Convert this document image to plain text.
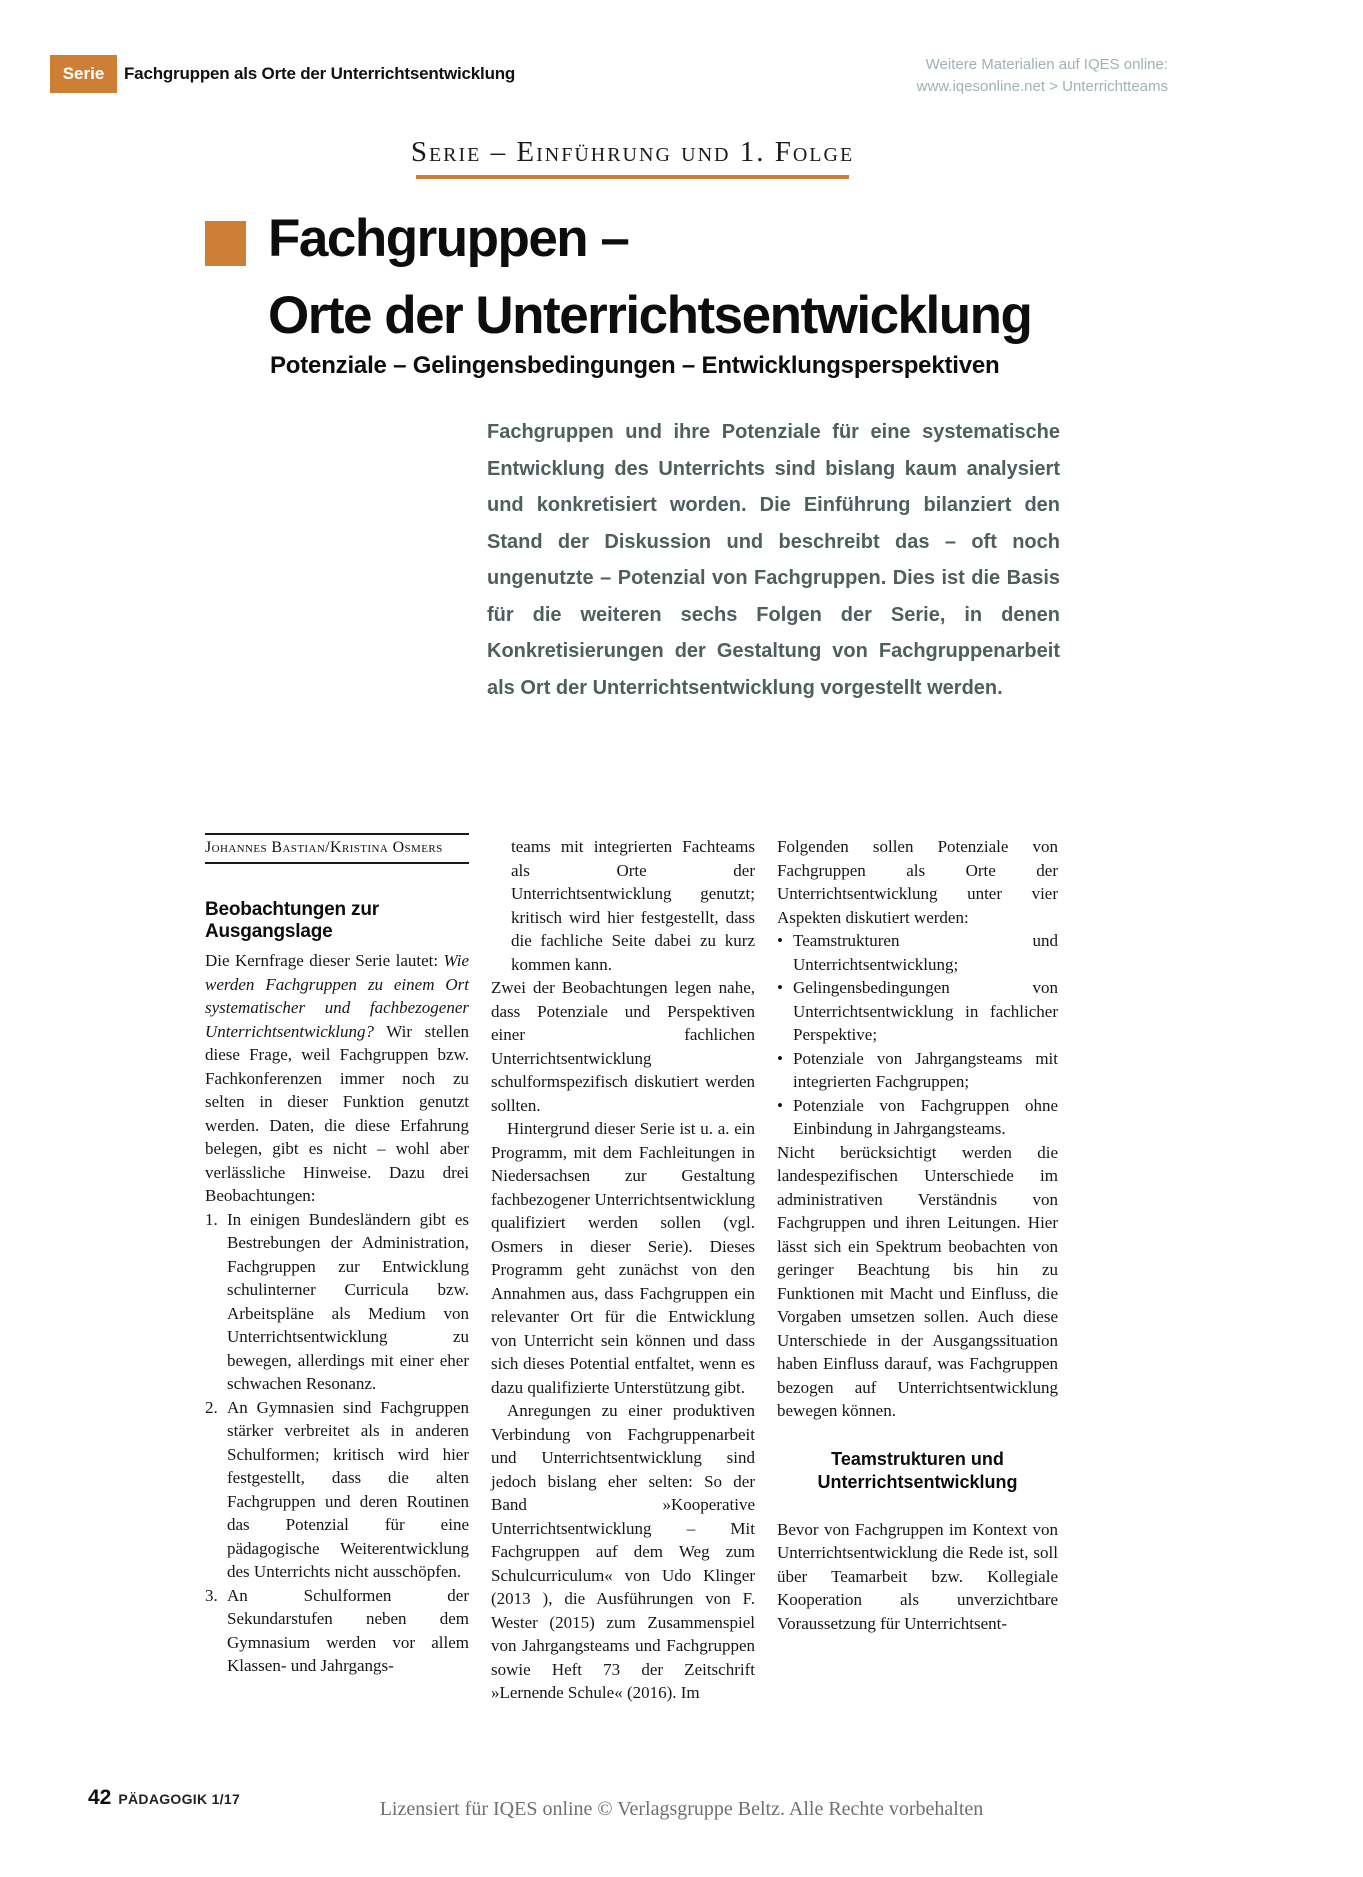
Serie	Fachgruppen als Orte der Unterrichtsentwicklung	Weitere Materialien auf IQES online:
www.iqesonline.net > Unterrichtteams
Serie – Einführung und 1. Folge
Fachgruppen –
Orte der Unterrichtsentwicklung
Potenziale – Gelingensbedingungen – Entwicklungsperspektiven

Fachgruppen und ihre Potenziale für eine systematische Entwicklung des Unterrichts sind bislang kaum analysiert und konkretisiert worden. Die Einführung bilanziert den Stand der Diskussion und beschreibt das – oft noch ungenutzte – Potenzial von Fachgruppen. Dies ist die Basis für die weiteren sechs Folgen der Serie, in denen Konkretisierungen der Gestaltung von Fachgruppenarbeit als Ort der Unterrichtsentwicklung vorgestellt werden.

Johannes Bastian/Kristina Osmers
Beobachtungen zur Ausgangslage

Die Kernfrage dieser Serie lautet: Wie werden Fachgruppen zu einem Ort systematischer und fachbezogener Unterrichtsentwicklung? Wir stellen diese Frage, weil Fachgruppen bzw. Fachkonferenzen immer noch zu selten in dieser Funktion genutzt werden. Daten, die diese Erfahrung belegen, gibt es nicht – wohl aber verlässliche Hinweise. Dazu drei Beobachtungen:

1. In einigen Bundesländern gibt es Bestrebungen der Administration, Fachgruppen zur Entwicklung schulinterner Curricula bzw. Arbeitspläne als Medium von Unterrichtsentwicklung zu bewegen, allerdings mit einer eher schwachen Resonanz.
2. An Gymnasien sind Fachgruppen stärker verbreitet als in anderen Schulformen; kritisch wird hier festgestellt, dass die alten Fachgruppen und deren Routinen das Potenzial für eine pädagogische Weiterentwicklung des Unterrichts nicht ausschöpfen.
3. An Schulformen der Sekundarstufen neben dem Gymnasium werden vor allem Klassen- und Jahrgangs-
teams mit integrierten Fachteams als Orte der Unterrichtsentwicklung genutzt; kritisch wird hier festgestellt, dass die fachliche Seite dabei zu kurz kommen kann.

Zwei der Beobachtungen legen nahe, dass Potenziale und Perspektiven einer fachlichen Unterrichtsentwicklung schulformspezifisch diskutiert werden sollten.

Hintergrund dieser Serie ist u. a. ein Programm, mit dem Fachleitungen in Niedersachsen zur Gestaltung fachbezogener Unterrichtsentwicklung qualifiziert werden sollen (vgl. Osmers in dieser Serie). Dieses Programm geht zunächst von den Annahmen aus, dass Fachgruppen ein relevanter Ort für die Entwicklung von Unterricht sein können und dass sich dieses Potential entfaltet, wenn es dazu qualifizierte Unterstützung gibt.

Anregungen zu einer produktiven Verbindung von Fachgruppenarbeit und Unterrichtsentwicklung sind jedoch bislang eher selten: So der Band »Kooperative Unterrichtsentwicklung – Mit Fachgruppen auf dem Weg zum Schulcurriculum« von Udo Klinger (2013 ), die Ausführungen von F. Wester (2015) zum Zusammenspiel von Jahrgangsteams und Fachgruppen sowie Heft 73 der Zeitschrift »Lernende Schule« (2016). Im

Folgenden sollen Potenziale von Fachgruppen als Orte der Unterrichtsentwicklung unter vier Aspekten diskutiert werden:

• Teamstrukturen und Unterrichtsentwicklung;
• Gelingensbedingungen von Unterrichtsentwicklung in fachlicher Perspektive;
• Potenziale von Jahrgangsteams mit integrierten Fachgruppen;
• Potenziale von Fachgruppen ohne Einbindung in Jahrgangsteams.

Nicht berücksichtigt werden die landespezifischen Unterschiede im administrativen Verständnis von Fachgruppen und ihren Leitungen. Hier lässt sich ein Spektrum beobachten von geringer Beachtung bis hin zu Funktionen mit Macht und Einfluss, die Vorgaben umsetzen sollen. Auch diese Unterschiede in der Ausgangssituation haben Einfluss darauf, was Fachgruppen bezogen auf Unterrichtsentwicklung bewegen können.

Teamstrukturen und Unterrichtsentwicklung

Bevor von Fachgruppen im Kontext von Unterrichtsentwicklung die Rede ist, soll über Teamarbeit bzw. Kollegiale Kooperation als unverzichtbare Voraussetzung für Unterrichtsent-

42 PÄDAGOGIK 1/17	Lizensiert für IQES online © Verlagsgruppe Beltz. Alle Rechte vorbehalten
